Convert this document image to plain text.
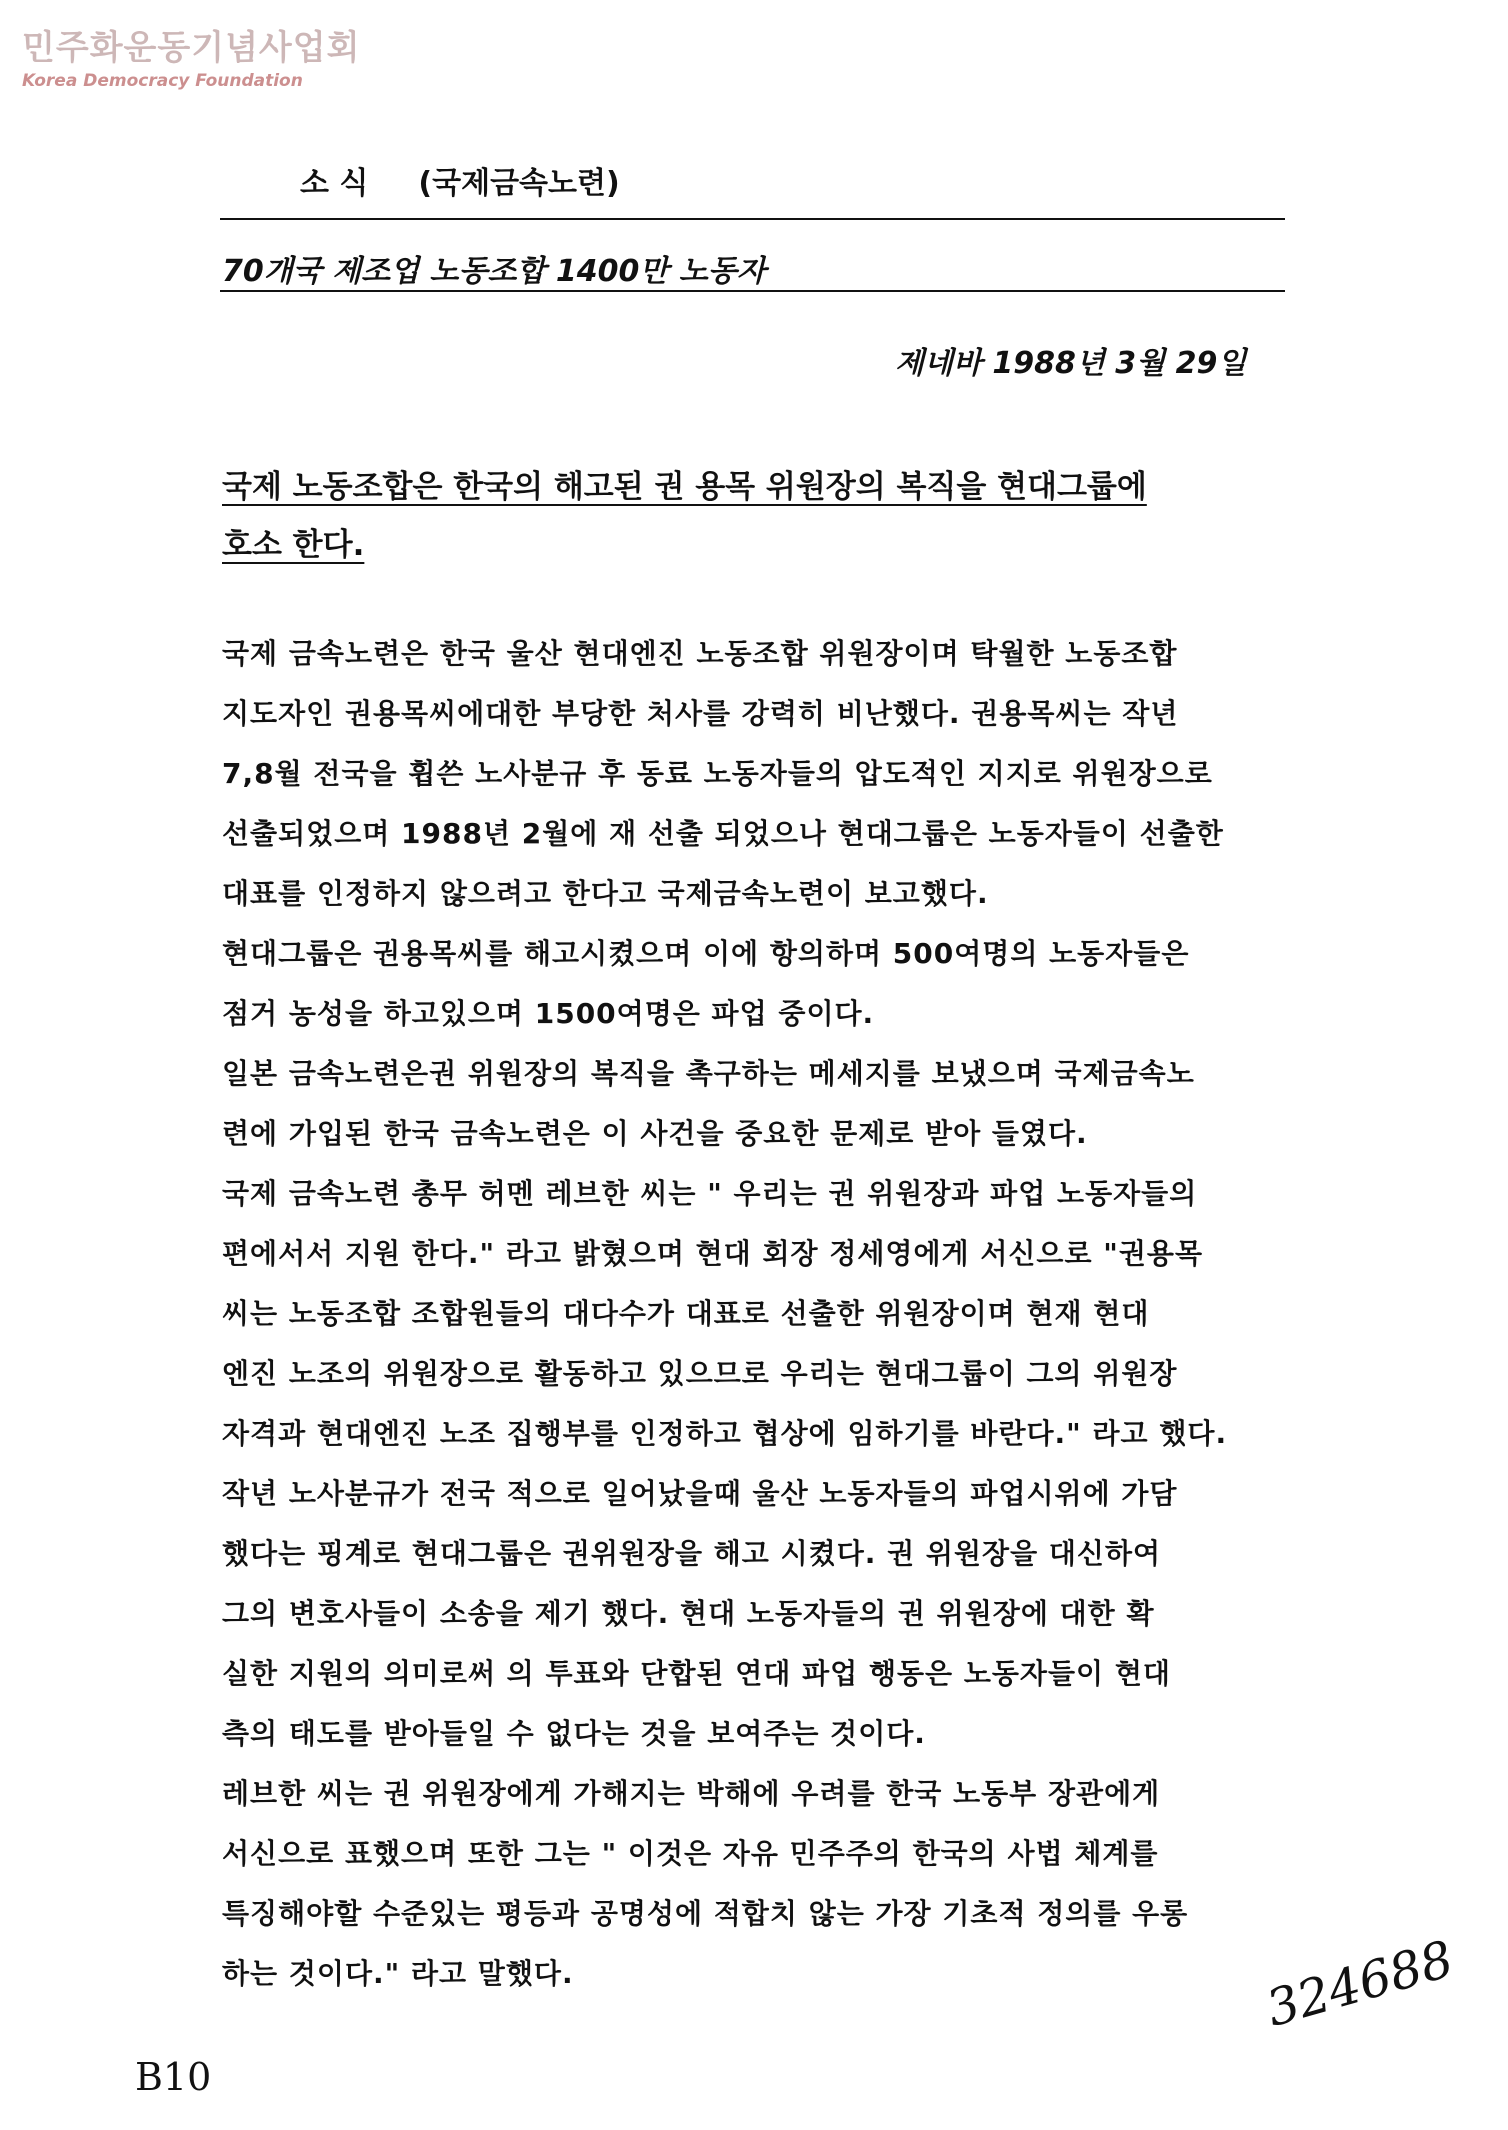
민주화운동기념사업회
Korea Democracy Foundation
소 식 (국제금속노련)
70개국 제조업 노동조합 1400만 노동자
제네바 1988년 3월 29일
국제 노동조합은 한국의 해고된 권 용목 위원장의 복직을 현대그룹에
호소 한다.
국제 금속노련은 한국 울산 현대엔진 노동조합 위원장이며 탁월한 노동조합
지도자인 권용목씨에대한 부당한 처사를 강력히 비난했다. 권용목씨는 작년
7,8월 전국을 휩쓴 노사분규 후 동료 노동자들의 압도적인 지지로 위원장으로
선출되었으며 1988년 2월에 재 선출 되었으나 현대그룹은 노동자들이 선출한
대표를 인정하지 않으려고 한다고 국제금속노련이 보고했다.
현대그룹은 권용목씨를 해고시켰으며 이에 항의하며 500여명의 노동자들은
점거 농성을 하고있으며 1500여명은 파업 중이다.
일본 금속노련은권 위원장의 복직을 촉구하는 메세지를 보냈으며 국제금속노
련에 가입된 한국 금속노련은 이 사건을 중요한 문제로 받아 들였다.
국제 금속노련 총무 허멘 레브한 씨는 " 우리는 권 위원장과 파업 노동자들의
편에서서 지원 한다." 라고 밝혔으며 현대 회장 정세영에게 서신으로 "권용목
씨는 노동조합 조합원들의 대다수가 대표로 선출한 위원장이며 현재 현대
엔진 노조의 위원장으로 활동하고 있으므로 우리는 현대그룹이 그의 위원장
자격과 현대엔진 노조 집행부를 인정하고 협상에 임하기를 바란다." 라고 했다.
작년 노사분규가 전국 적으로 일어났을때 울산 노동자들의 파업시위에 가담
했다는 핑계로 현대그룹은 권위원장을 해고 시켰다. 권 위원장을 대신하여
그의 변호사들이 소송을 제기 했다. 현대 노동자들의 권 위원장에 대한 확
실한 지원의 의미로써 의 투표와 단합된 연대 파업 행동은 노동자들이 현대
측의 태도를 받아들일 수 없다는 것을 보여주는 것이다.
레브한 씨는 권 위원장에게 가해지는 박해에 우려를 한국 노동부 장관에게
서신으로 표했으며 또한 그는 " 이것은 자유 민주주의 한국의 사법 체계를
특징해야할 수준있는 평등과 공명성에 적합치 않는 가장 기초적 정의를 우롱
하는 것이다." 라고 말했다.	324688
B10
